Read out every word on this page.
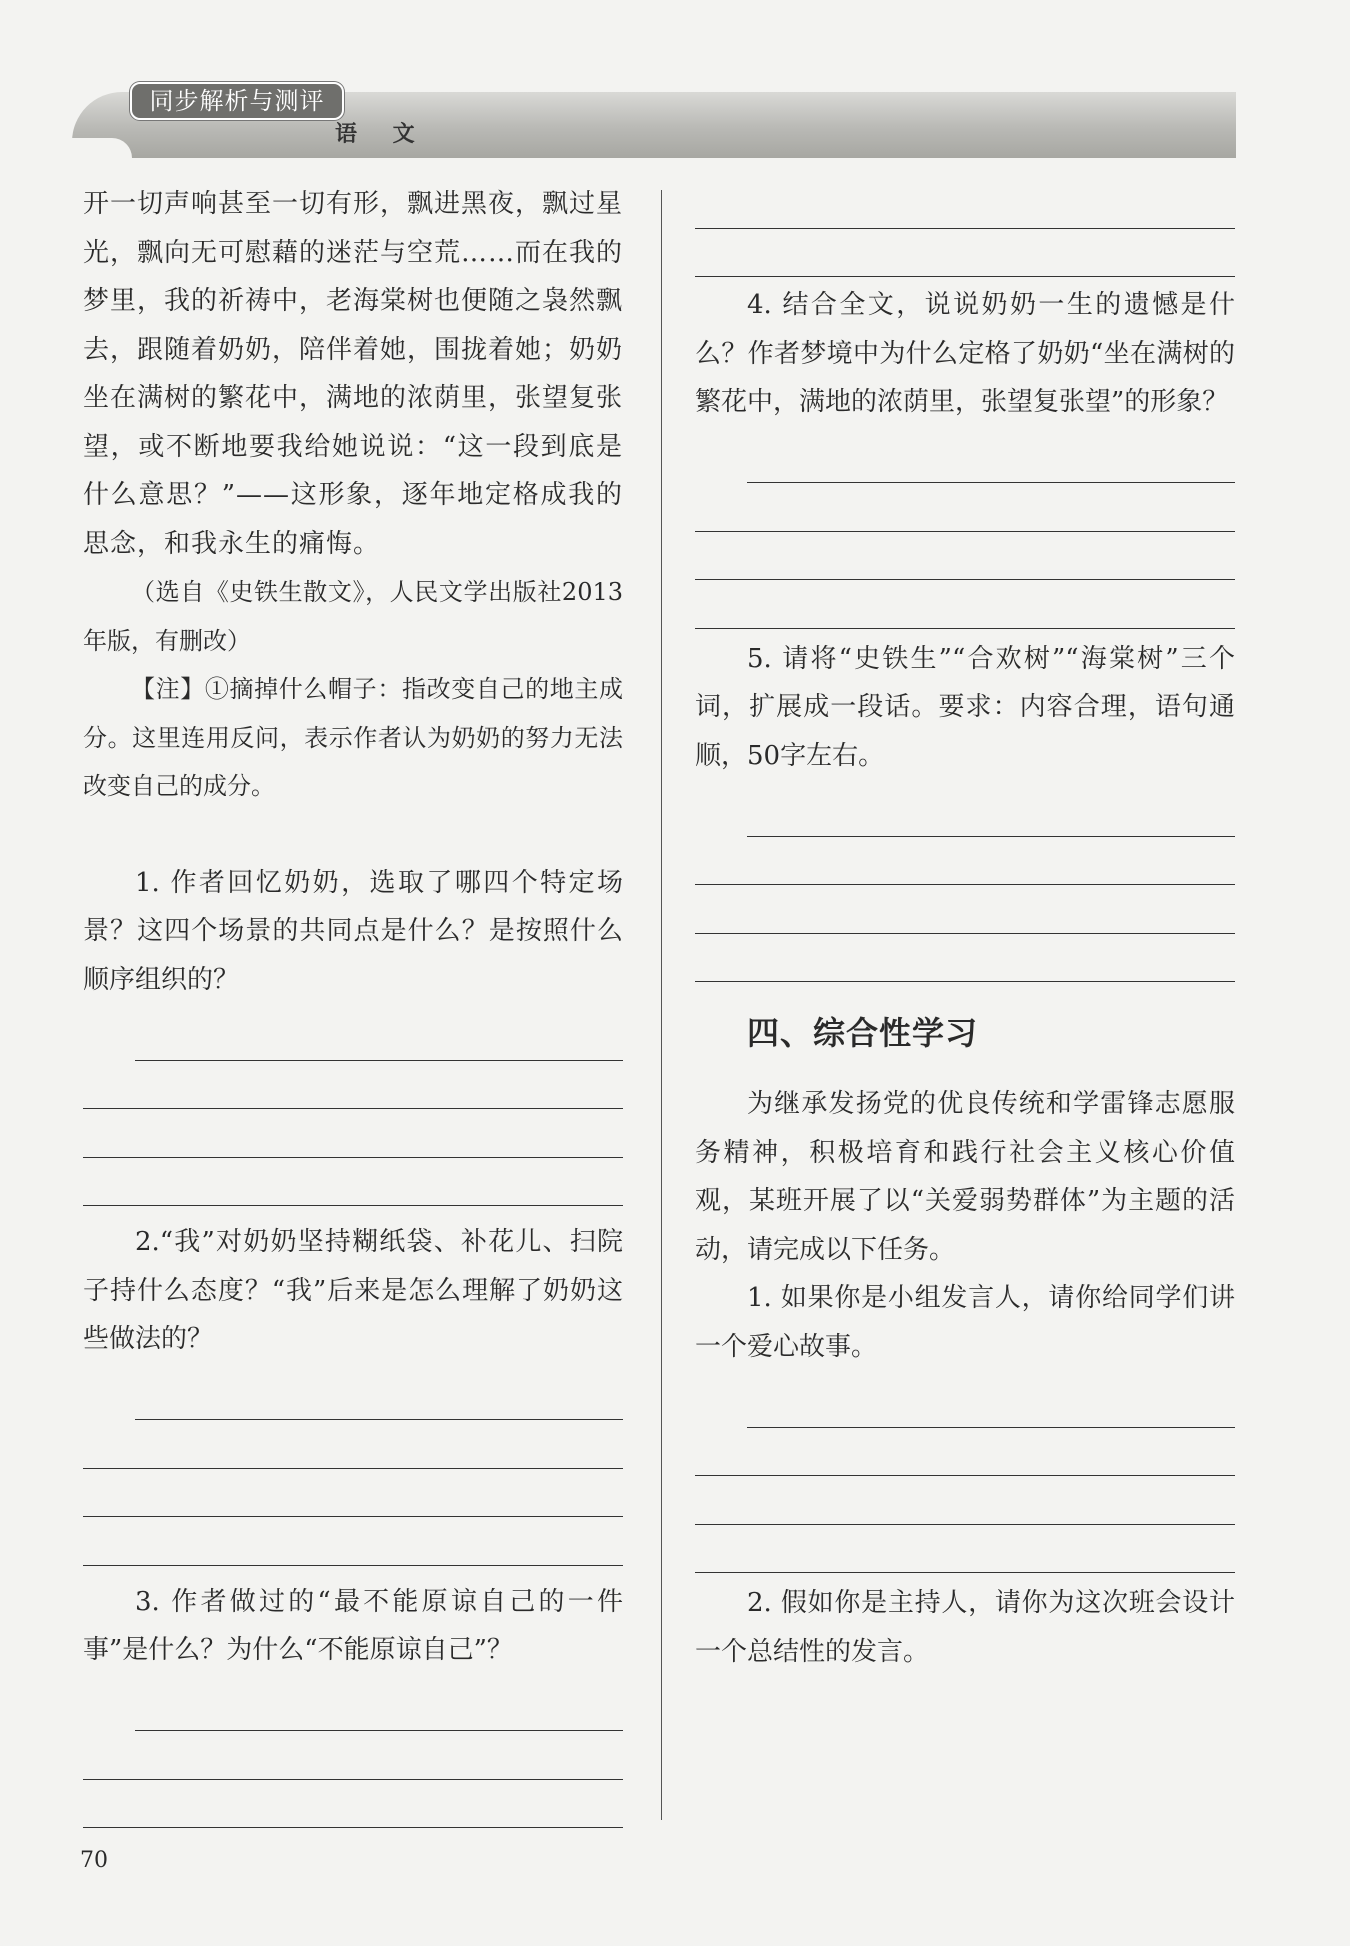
同步解析与测评
语 文

开一切声响甚至一切有形，飘进黑夜，飘过星光，飘向无可慰藉的迷茫与空荒……而在我的梦里，我的祈祷中，老海棠树也便随之袅然飘去，跟随着奶奶，陪伴着她，围拢着她；奶奶坐在满树的繁花中，满地的浓荫里，张望复张望，或不断地要我给她说说：“这一段到底是什么意思？”——这形象，逐年地定格成我的思念，和我永生的痛悔。

（选自《史铁生散文》，人民文学出版社2013年版，有删改）

【注】①摘掉什么帽子：指改变自己的地主成分。这里连用反问，表示作者认为奶奶的努力无法改变自己的成分。

1. 作者回忆奶奶，选取了哪四个特定场景？这四个场景的共同点是什么？是按照什么顺序组织的？

2.“我”对奶奶坚持糊纸袋、补花儿、扫院子持什么态度？“我”后来是怎么理解了奶奶这些做法的？

3. 作者做过的“最不能原谅自己的一件事”是什么？为什么“不能原谅自己”？

4. 结合全文，说说奶奶一生的遗憾是什么？作者梦境中为什么定格了奶奶“坐在满树的繁花中，满地的浓荫里，张望复张望”的形象？

5. 请将“史铁生”“合欢树”“海棠树”三个词，扩展成一段话。要求：内容合理，语句通顺，50字左右。

四、综合性学习

为继承发扬党的优良传统和学雷锋志愿服务精神，积极培育和践行社会主义核心价值观，某班开展了以“关爱弱势群体”为主题的活动，请完成以下任务。

1. 如果你是小组发言人，请你给同学们讲一个爱心故事。

2. 假如你是主持人，请你为这次班会设计一个总结性的发言。

70
